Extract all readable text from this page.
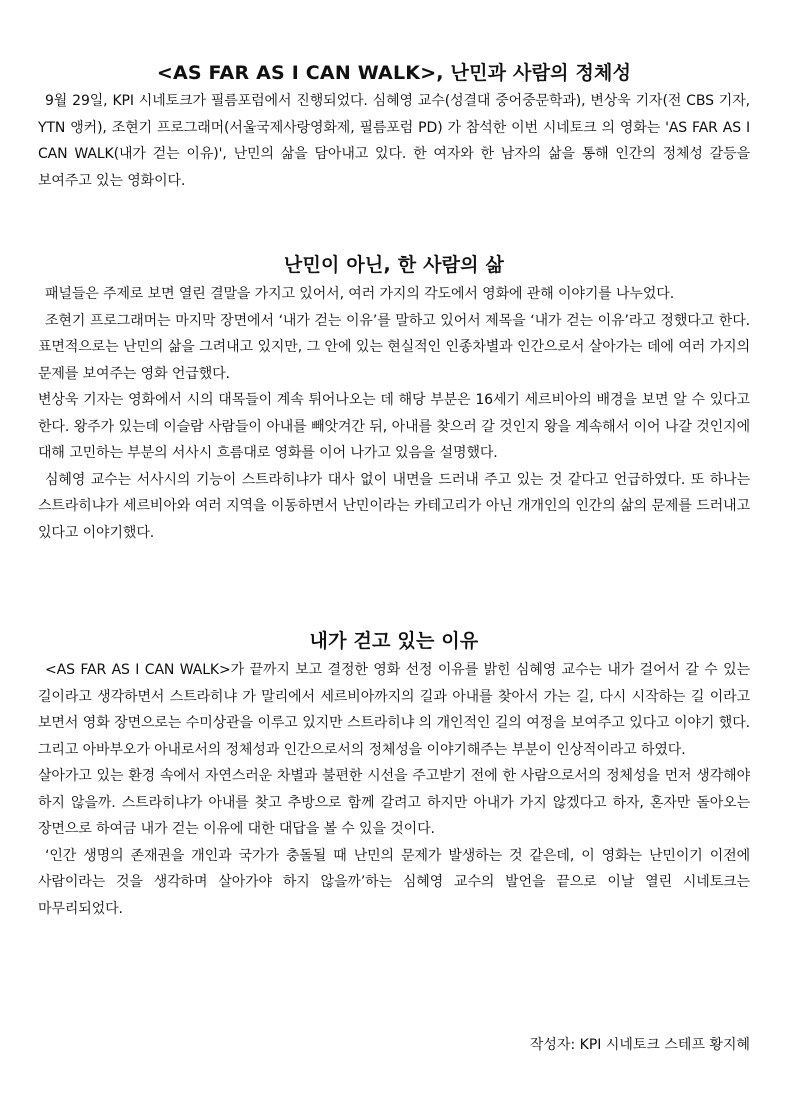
<AS FAR AS I CAN WALK>, 난민과 사람의 정체성

9월 29일, KPI 시네토크가 필름포럼에서 진행되었다. 심혜영 교수(성결대 중어중문학과), 변상욱 기자(전 CBS 기자, YTN 앵커), 조현기 프로그래머(서울국제사랑영화제, 필름포럼 PD) 가 참석한 이번 시네토크 의 영화는 'AS FAR AS I CAN WALK(내가 걷는 이유)', 난민의 삶을 담아내고 있다. 한 여자와 한 남자의 삶을 통해 인간의 정체성 갈등을 보여주고 있는 영화이다.

난민이 아닌, 한 사람의 삶

패널들은 주제로 보면 열린 결말을 가지고 있어서, 여러 가지의 각도에서 영화에 관해 이야기를 나누었다.

조현기 프로그래머는 마지막 장면에서 ‘내가 걷는 이유’를 말하고 있어서 제목을 ‘내가 걷는 이유’라고 정했다고 한다. 표면적으로는 난민의 삶을 그려내고 있지만, 그 안에 있는 현실적인 인종차별과 인간으로서 살아가는 데에 여러 가지의 문제를 보여주는 영화 언급했다.

변상욱 기자는 영화에서 시의 대목들이 계속 튀어나오는 데 해당 부분은 16세기 세르비아의 배경을 보면 알 수 있다고 한다. 왕주가 있는데 이슬람 사람들이 아내를 빼앗겨간 뒤, 아내를 찾으러 갈 것인지 왕을 계속해서 이어 나갈 것인지에 대해 고민하는 부분의 서사시 흐름대로 영화를 이어 나가고 있음을 설명했다.

심혜영 교수는 서사시의 기능이 스트라히냐가 대사 없이 내면을 드러내 주고 있는 것 같다고 언급하였다. 또 하나는 스트라히냐가 세르비아와 여러 지역을 이동하면서 난민이라는 카테고리가 아닌 개개인의 인간의 삶의 문제를 드러내고 있다고 이야기했다.

내가 걷고 있는 이유

<AS FAR AS I CAN WALK>가 끝까지 보고 결정한 영화 선정 이유를 밝힌 심혜영 교수는 내가 걸어서 갈 수 있는 길이라고 생각하면서 스트라히냐 가 말리에서 세르비아까지의 길과 아내를 찾아서 가는 길, 다시 시작하는 길 이라고 보면서 영화 장면으로는 수미상관을 이루고 있지만 스트라히냐 의 개인적인 길의 여정을 보여주고 있다고 이야기 했다. 그리고 아바부오가 아내로서의 정체성과 인간으로서의 정체성을 이야기해주는 부분이 인상적이라고 하였다.

살아가고 있는 환경 속에서 자연스러운 차별과 불편한 시선을 주고받기 전에 한 사람으로서의 정체성을 먼저 생각해야 하지 않을까. 스트라히냐가 아내를 찾고 추방으로 함께 갈려고 하지만 아내가 가지 않겠다고 하자, 혼자만 돌아오는 장면으로 하여금 내가 걷는 이유에 대한 대답을 볼 수 있을 것이다.

‘인간 생명의 존재권을 개인과 국가가 충돌될 때 난민의 문제가 발생하는 것 같은데, 이 영화는 난민이기 이전에 사람이라는 것을 생각하며 살아가야 하지 않을까’하는 심혜영 교수의 발언을 끝으로 이날 열린 시네토크는 마무리되었다.

작성자: KPI 시네토크 스테프 황지혜
